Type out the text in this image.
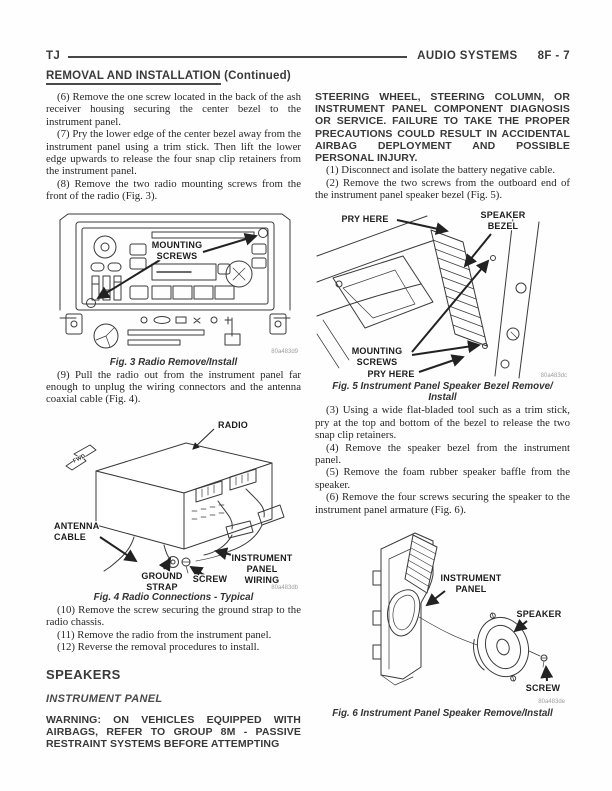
TJ	AUDIO SYSTEMS 8F - 7
REMOVAL AND INSTALLATION (Continued)

(6) Remove the one screw located in the back of the ash receiver housing securing the center bezel to the instrument panel.

(7) Pry the lower edge of the center bezel away from the instrument panel using a trim stick. Then lift the lower edge upwards to release the four snap clip retainers from the instrument panel.

(8) Remove the two radio mounting screws from the front of the radio (Fig. 3).

MOUNTING
SCREWS
80a483d9
Fig. 3 Radio Remove/Install

(9) Pull the radio out from the instrument panel far enough to unplug the wiring connectors and the antenna coaxial cable (Fig. 4).

FWD
RADIO
ANTENNA
CABLE
GROUND
STRAP
SCREW
INSTRUMENT
PANEL
WIRING
80a483db
Fig. 4 Radio Connections - Typical

(10) Remove the screw securing the ground strap to the radio chassis.

(11) Remove the radio from the instrument panel.

(12) Reverse the removal procedures to install.

SPEAKERS
INSTRUMENT PANEL

WARNING: ON VEHICLES EQUIPPED WITH AIRBAGS, REFER TO GROUP 8M - PASSIVE RESTRAINT SYSTEMS BEFORE ATTEMPTING

STEERING WHEEL, STEERING COLUMN, OR INSTRUMENT PANEL COMPONENT DIAGNOSIS OR SERVICE. FAILURE TO TAKE THE PROPER PRECAUTIONS COULD RESULT IN ACCIDENTAL AIRBAG DEPLOYMENT AND POSSIBLE PERSONAL INJURY.

(1) Disconnect and isolate the battery negative cable.

(2) Remove the two screws from the outboard end of the instrument panel speaker bezel (Fig. 5).

PRY HERE	SPEAKER
BEZEL
MOUNTING
SCREWS
PRY HERE	80a483dc
Fig. 5 Instrument Panel Speaker Bezel Remove/
Install

(3) Using a wide flat-bladed tool such as a trim stick, pry at the top and bottom of the bezel to release the two snap clip retainers.

(4) Remove the speaker bezel from the instrument panel.

(5) Remove the foam rubber speaker baffle from the speaker.

(6) Remove the four screws securing the speaker to the instrument panel armature (Fig. 6).

INSTRUMENT
PANEL
SPEAKER
SCREW
80a483de
Fig. 6 Instrument Panel Speaker Remove/Install
